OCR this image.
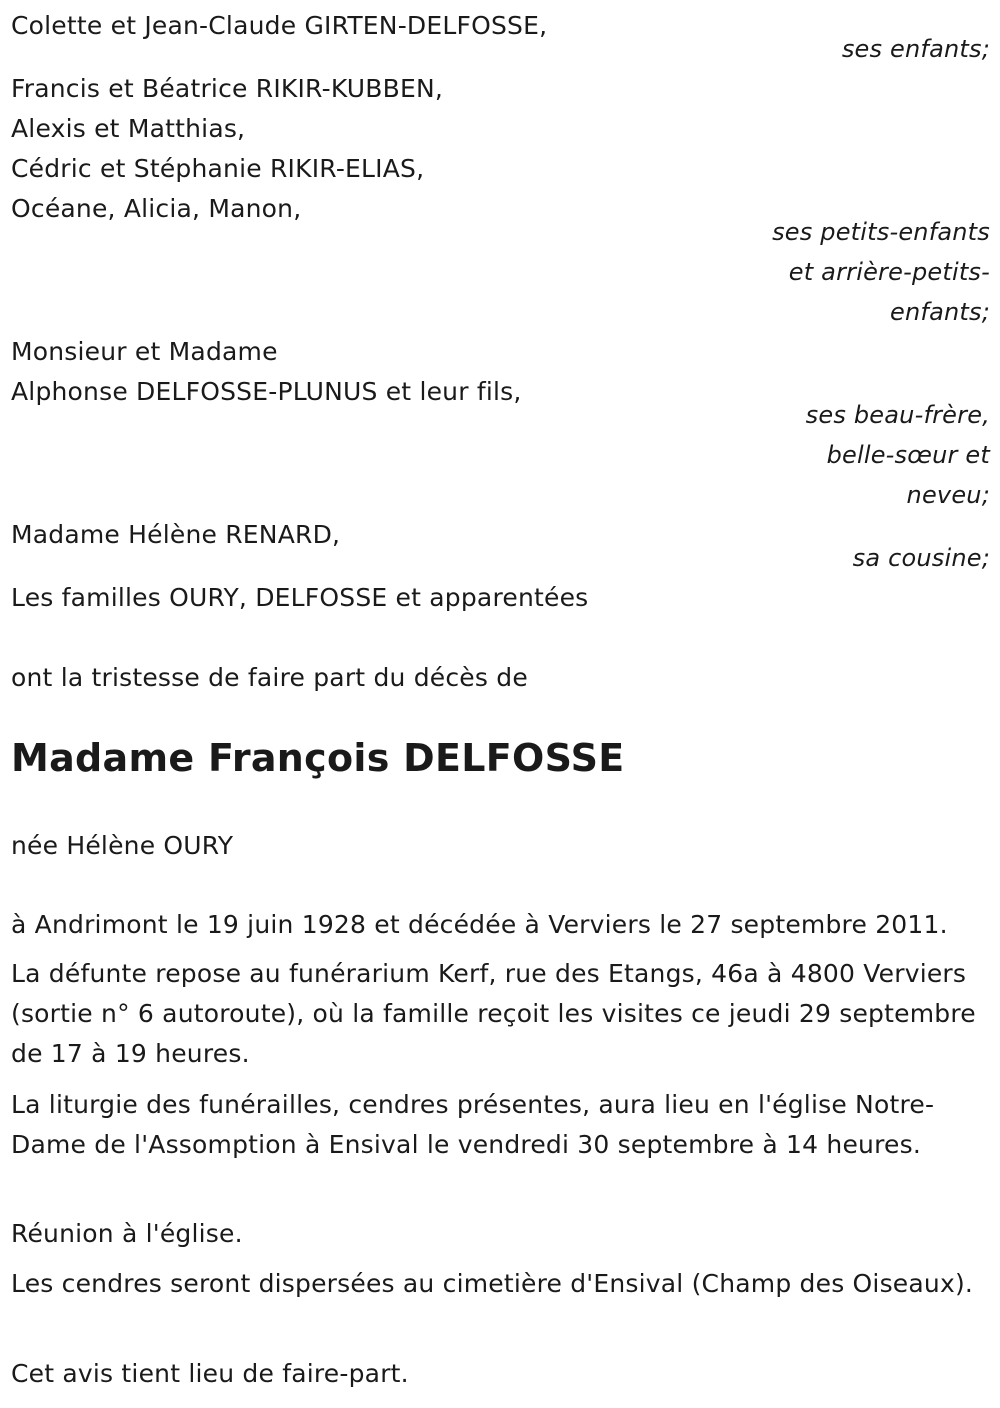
Colette et Jean-Claude GIRTEN-DELFOSSE,
ses enfants;
Francis et Béatrice RIKIR-KUBBEN,
Alexis et Matthias,
Cédric et Stéphanie RIKIR-ELIAS,
Océane, Alicia, Manon,
ses petits-enfants
et arrière-petits-
enfants;
Monsieur et Madame
Alphonse DELFOSSE-PLUNUS et leur fils,
ses beau-frère,
belle-sœur et
neveu;
Madame Hélène RENARD,
sa cousine;
Les familles OURY, DELFOSSE et apparentées
ont la tristesse de faire part du décès de
Madame François DELFOSSE
née Hélène OURY
à Andrimont le 19 juin 1928 et décédée à Verviers le 27 septembre 2011.
La défunte repose au funérarium Kerf, rue des Etangs, 46a à 4800 Verviers (sortie n° 6 autoroute), où la famille reçoit les visites ce jeudi 29 septembre de 17 à 19 heures.
La liturgie des funérailles, cendres présentes, aura lieu en l'église Notre-Dame de l'Assomption à Ensival le vendredi 30 septembre à 14 heures.
Réunion à l'église.
Les cendres seront dispersées au cimetière d'Ensival (Champ des Oiseaux).
Cet avis tient lieu de faire-part.
